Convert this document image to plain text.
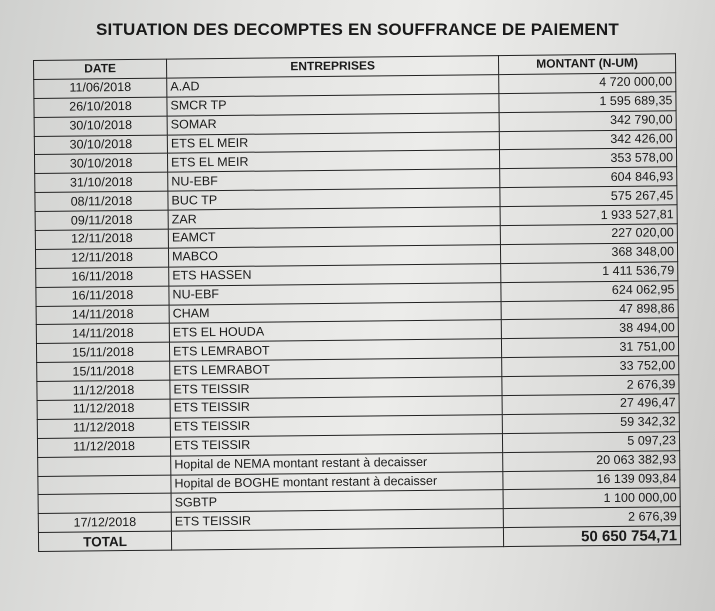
SITUATION DES DECOMPTES EN SOUFFRANCE DE PAIEMENT
DATE	ENTREPRISES	MONTANT (N-UM)
11/06/2018	A.AD	4 720 000,00
26/10/2018	SMCR TP	1 595 689,35
30/10/2018	SOMAR	342 790,00
30/10/2018	ETS EL MEIR	342 426,00
30/10/2018	ETS EL MEIR	353 578,00
31/10/2018	NU-EBF	604 846,93
08/11/2018	BUC TP	575 267,45
09/11/2018	ZAR	1 933 527,81
12/11/2018	EAMCT	227 020,00
12/11/2018	MABCO	368 348,00
16/11/2018	ETS HASSEN	1 411 536,79
16/11/2018	NU-EBF	624 062,95
14/11/2018	CHAM	47 898,86
14/11/2018	ETS EL HOUDA	38 494,00
15/11/2018	ETS LEMRABOT	31 751,00
15/11/2018	ETS LEMRABOT	33 752,00
11/12/2018	ETS TEISSIR	2 676,39
11/12/2018	ETS TEISSIR	27 496,47
11/12/2018	ETS TEISSIR	59 342,32
11/12/2018	ETS TEISSIR	5 097,23
	Hopital de NEMA montant restant à decaisser	20 063 382,93
	Hopital de BOGHE montant restant à decaisser	16 139 093,84
	SGBTP	1 100 000,00
17/12/2018	ETS TEISSIR	2 676,39
TOTAL		50 650 754,71
